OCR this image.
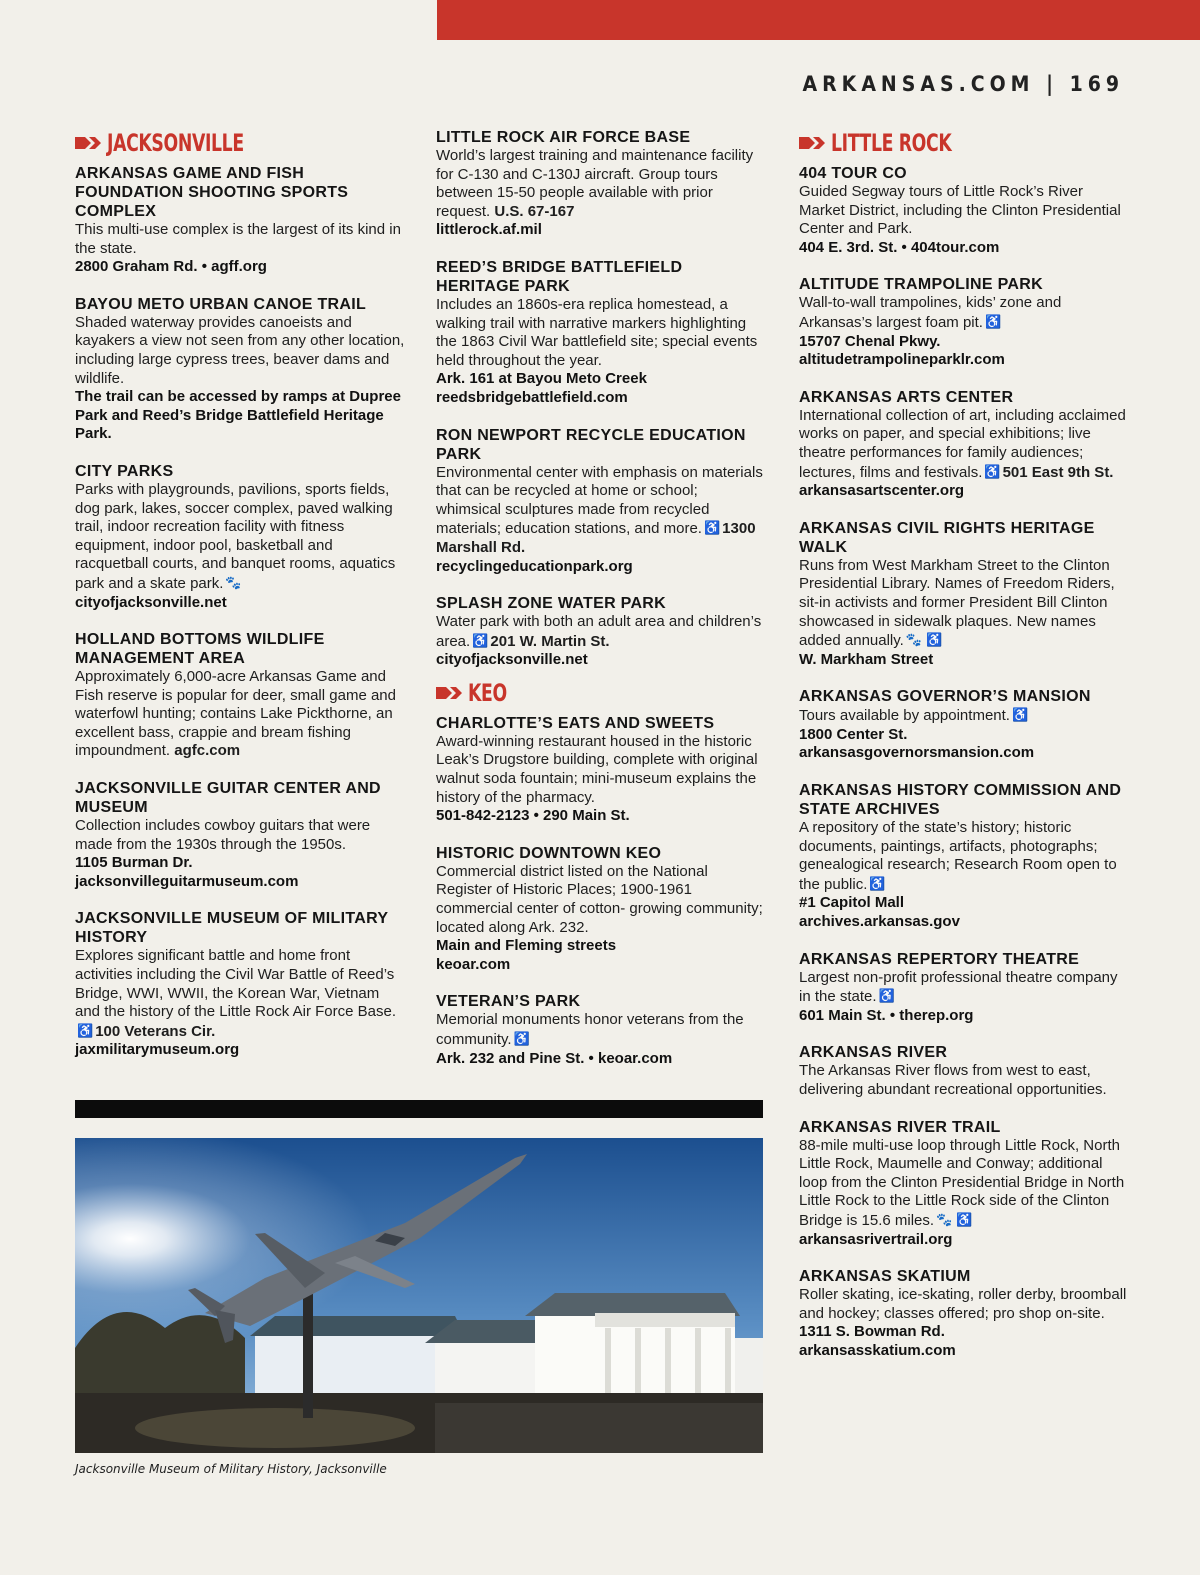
ARKANSAS.COM | 169
JACKSONVILLE
ARKANSAS GAME AND FISH FOUNDATION SHOOTING SPORTS COMPLEX
This multi-use complex is the largest of its kind in the state.
2800 Graham Rd. • agff.org
BAYOU METO URBAN CANOE TRAIL
Shaded waterway provides canoeists and kayakers a view not seen from any other location, including large cypress trees, beaver dams and wildlife.
The trail can be accessed by ramps at Dupree Park and Reed’s Bridge Battlefield Heritage Park.
CITY PARKS
Parks with playgrounds, pavilions, sports fields, dog park, lakes, soccer complex, paved walking trail, indoor recreation facility with fitness equipment, indoor pool, basketball and racquetball courts, and banquet rooms, aquatics park and a skate park. 🐾
cityofjacksonville.net
HOLLAND BOTTOMS WILDLIFE MANAGEMENT AREA
Approximately 6,000-acre Arkansas Game and Fish reserve is popular for deer, small game and waterfowl hunting; contains Lake Pickthorne, an excellent bass, crappie and bream fishing impoundment. agfc.com
JACKSONVILLE GUITAR CENTER AND MUSEUM
Collection includes cowboy guitars that were made from the 1930s through the 1950s.
1105 Burman Dr.
jacksonvilleguitarmuseum.com
JACKSONVILLE MUSEUM OF MILITARY HISTORY
Explores significant battle and home front activities including the Civil War Battle of Reed’s Bridge, WWI, WWII, the Korean War, Vietnam and the history of the Little Rock Air Force Base.♿ 100 Veterans Cir.
jaxmilitarymuseum.org
LITTLE ROCK AIR FORCE BASE
World’s largest training and maintenance facility for C-130 and C-130J aircraft. Group tours between 15-50 people available with prior request. U.S. 67-167
littlerock.af.mil
REED’S BRIDGE BATTLEFIELD HERITAGE PARK
Includes an 1860s-era replica homestead, a walking trail with narrative markers highlighting the 1863 Civil War battlefield site; special events held throughout the year.
Ark. 161 at Bayou Meto Creek
reedsbridgebattlefield.com
RON NEWPORT RECYCLE EDUCATION PARK
Environmental center with emphasis on materials that can be recycled at home or school; whimsical sculptures made from recycled materials; education stations, and more. ♿ 1300 Marshall Rd.
recyclingeducationpark.org
SPLASH ZONE WATER PARK
Water park with both an adult area and children’s area. ♿ 201 W. Martin St.
cityofjacksonville.net
KEO
CHARLOTTE’S EATS AND SWEETS
Award-winning restaurant housed in the historic Leak’s Drugstore building, complete with original walnut soda fountain; mini-museum explains the history of the pharmacy.
501-842-2123 • 290 Main St.
HISTORIC DOWNTOWN KEO
Commercial district listed on the National Register of Historic Places; 1900-1961 commercial center of cotton- growing community; located along Ark. 232.
Main and Fleming streets
keoar.com
VETERAN’S PARK
Memorial monuments honor veterans from the community. ♿
Ark. 232 and Pine St. • keoar.com
LITTLE ROCK
404 TOUR CO
Guided Segway tours of Little Rock’s River Market District, including the Clinton Presidential Center and Park.
404 E. 3rd. St. • 404tour.com
ALTITUDE TRAMPOLINE PARK
Wall-to-wall trampolines, kids’ zone and Arkansas’s largest foam pit. ♿
15707 Chenal Pkwy.
altitudetrampolineparklr.com
ARKANSAS ARTS CENTER
International collection of art, including acclaimed works on paper, and special exhibitions; live theatre performances for family audiences; lectures, films and festivals. ♿ 501 East 9th St.
arkansasartscenter.org
ARKANSAS CIVIL RIGHTS HERITAGE WALK
Runs from West Markham Street to the Clinton Presidential Library. Names of Freedom Riders, sit-in activists and former President Bill Clinton showcased in sidewalk plaques. New names added annually. 🐾 ♿
W. Markham Street
ARKANSAS GOVERNOR’S MANSION
Tours available by appointment. ♿
1800 Center St.
arkansasgovernorsmansion.com
ARKANSAS HISTORY COMMISSION AND STATE ARCHIVES
A repository of the state’s history; historic documents, paintings, artifacts, photographs; genealogical research; Research Room open to the public. ♿
#1 Capitol Mall
archives.arkansas.gov
ARKANSAS REPERTORY THEATRE
Largest non-profit professional theatre company in the state. ♿
601 Main St. • therep.org
ARKANSAS RIVER
The Arkansas River flows from west to east, delivering abundant recreational opportunities.
ARKANSAS RIVER TRAIL
88-mile multi-use loop through Little Rock, North Little Rock, Maumelle and Conway; additional loop from the Clinton Presidential Bridge in North Little Rock to the Little Rock side of the Clinton Bridge is 15.6 miles. 🐾 ♿
arkansasrivertrail.org
ARKANSAS SKATIUM
Roller skating, ice-skating, roller derby, broomball and hockey; classes offered; pro shop on-site.
1311 S. Bowman Rd.
arkansasskatium.com
Jacksonville Museum of Military History, Jacksonville
